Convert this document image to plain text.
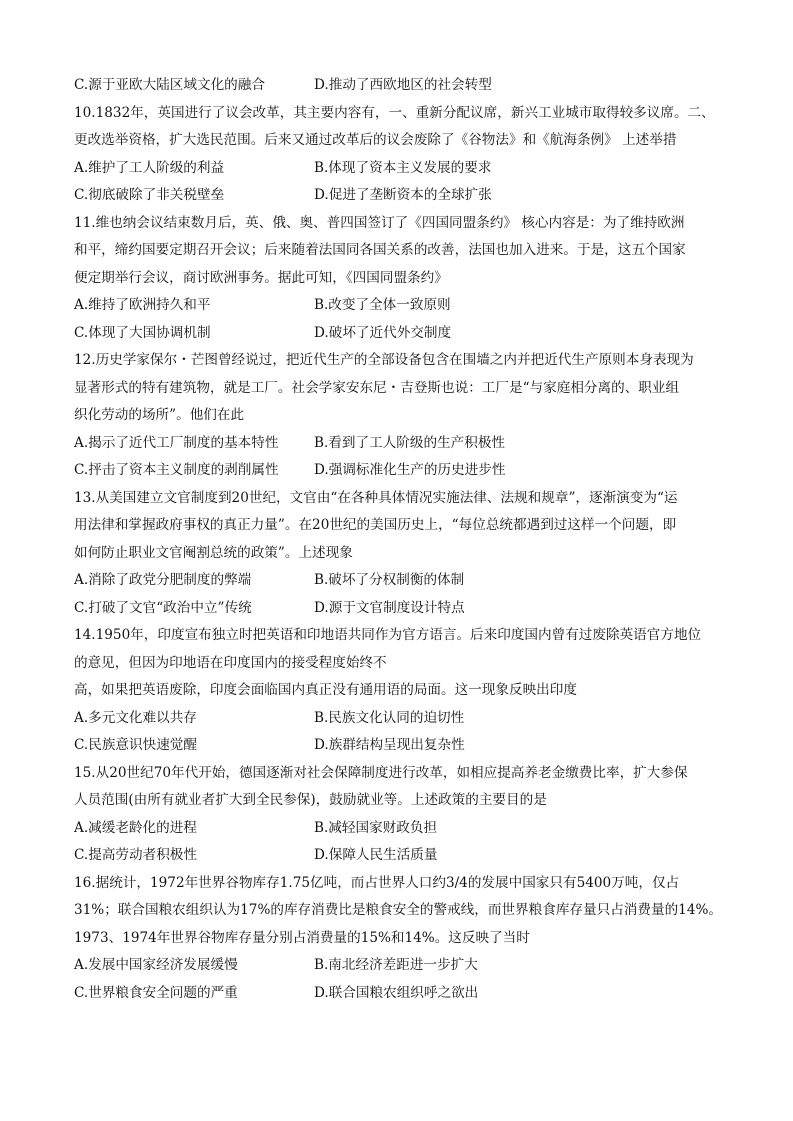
C.源于亚欧大陆区域文化的融合	D.推动了西欧地区的社会转型
10.1832年，英国进行了议会改革，其主要内容有，一、重新分配议席，新兴工业城市取得较多议席。二、
更改选举资格，扩大选民范围。后来又通过改革后的议会废除了《谷物法》和《航海条例》 上述举措
A.维护了工人阶级的利益	B.体现了资本主义发展的要求
C.彻底破除了非关税壁垒	D.促进了垄断资本的全球扩张
11.维也纳会议结束数月后，英、俄、奥、普四国签订了《四国同盟条约》 核心内容是：为了维持欧洲
和平，缔约国要定期召开会议；后来随着法国同各国关系的改善，法国也加入进来。于是，这五个国家
便定期举行会议，商讨欧洲事务。据此可知，《四国同盟条约》
A.维持了欧洲持久和平	B.改变了全体一致原则
C.体现了大国协调机制	D.破坏了近代外交制度
12.历史学家保尔・芒图曾经说过，把近代生产的全部设备包含在围墙之内并把近代生产原则本身表现为
显著形式的特有建筑物，就是工厂。社会学家安东尼・吉登斯也说：工厂是“与家庭相分离的、职业组
织化劳动的场所”。他们在此
A.揭示了近代工厂制度的基本特性	B.看到了工人阶级的生产积极性
C.抨击了资本主义制度的剥削属性	D.强调标准化生产的历史进步性
13.从美国建立文官制度到20世纪，文官由“在各种具体情况实施法律、法规和规章”，逐渐演变为“运
用法律和掌握政府事权的真正力量”。在20世纪的美国历史上，“每位总统都遇到过这样一个问题，即
如何防止职业文官阉割总统的政策”。上述现象
A.消除了政党分肥制度的弊端	B.破坏了分权制衡的体制
C.打破了文官“政治中立”传统	D.源于文官制度设计特点
14.1950年，印度宣布独立时把英语和印地语共同作为官方语言。后来印度国内曾有过废除英语官方地位
的意见，但因为印地语在印度国内的接受程度始终不
高，如果把英语废除，印度会面临国内真正没有通用语的局面。这一现象反映出印度
A.多元文化难以共存	B.民族文化认同的迫切性
C.民族意识快速觉醒	D.族群结构呈现出复杂性
15.从20世纪70年代开始，德国逐渐对社会保障制度进行改革，如相应提高养老金缴费比率，扩大参保
人员范围(由所有就业者扩大到全民参保)，鼓励就业等。上述政策的主要目的是
A.减缓老龄化的进程	B.减轻国家财政负担
C.提高劳动者积极性	D.保障人民生活质量
16.据统计，1972年世界谷物库存1.75亿吨，而占世界人口约3/4的发展中国家只有5400万吨，仅占
31%；联合国粮农组织认为17%的库存消费比是粮食安全的警戒线，而世界粮食库存量只占消费量的14%。
1973、1974年世界谷物库存量分别占消费量的15%和14%。这反映了当时
A.发展中国家经济发展缓慢	B.南北经济差距进一步扩大
C.世界粮食安全问题的严重	D.联合国粮农组织呼之欲出
